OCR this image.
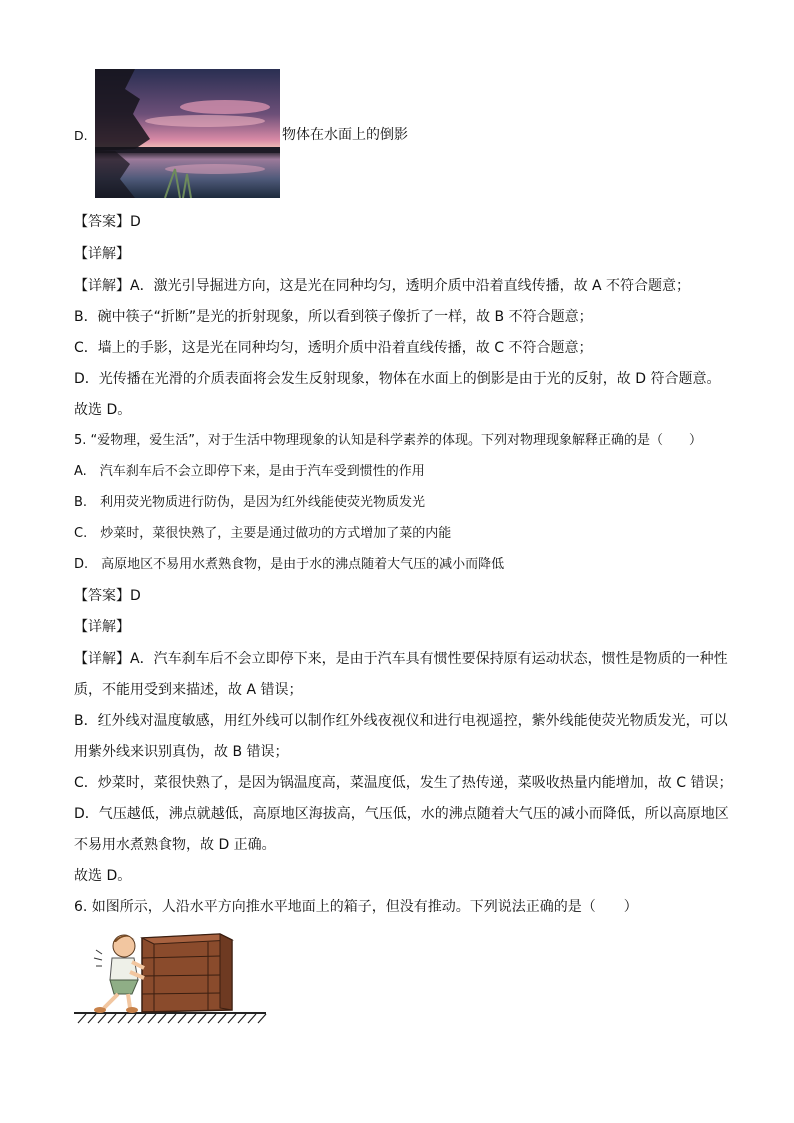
D.	物体在水面上的倒影
【答案】D
【详解】
【详解】A．激光引导掘进方向，这是光在同种均匀，透明介质中沿着直线传播，故 A 不符合题意；
B．碗中筷子“折断”是光的折射现象，所以看到筷子像折了一样，故 B 不符合题意；
C．墙上的手影，这是光在同种均匀，透明介质中沿着直线传播，故 C 不符合题意；
D．光传播在光滑的介质表面将会发生反射现象，物体在水面上的倒影是由于光的反射，故 D 符合题意。
故选 D。
5. “爱物理，爱生活”，对于生活中物理现象的认知是科学素养的体现。下列对物理现象解释正确的是（　　）
A.　汽车刹车后不会立即停下来，是由于汽车受到惯性的作用
B.　利用荧光物质进行防伪，是因为红外线能使荧光物质发光
C.　炒菜时，菜很快熟了，主要是通过做功的方式增加了菜的内能
D.　高原地区不易用水煮熟食物，是由于水的沸点随着大气压的减小而降低
【答案】D
【详解】
【详解】A．汽车刹车后不会立即停下来，是由于汽车具有惯性要保持原有运动状态，惯性是物质的一种性
质，不能用受到来描述，故 A 错误；
B．红外线对温度敏感，用红外线可以制作红外线夜视仪和进行电视遥控，紫外线能使荧光物质发光，可以
用紫外线来识别真伪，故 B 错误；
C．炒菜时，菜很快熟了，是因为锅温度高，菜温度低，发生了热传递，菜吸收热量内能增加，故 C 错误；
D．气压越低，沸点就越低，高原地区海拔高，气压低，水的沸点随着大气压的减小而降低，所以高原地区
不易用水煮熟食物，故 D 正确。
故选 D。
6. 如图所示，人沿水平方向推水平地面上的箱子，但没有推动。下列说法正确的是（　　）
